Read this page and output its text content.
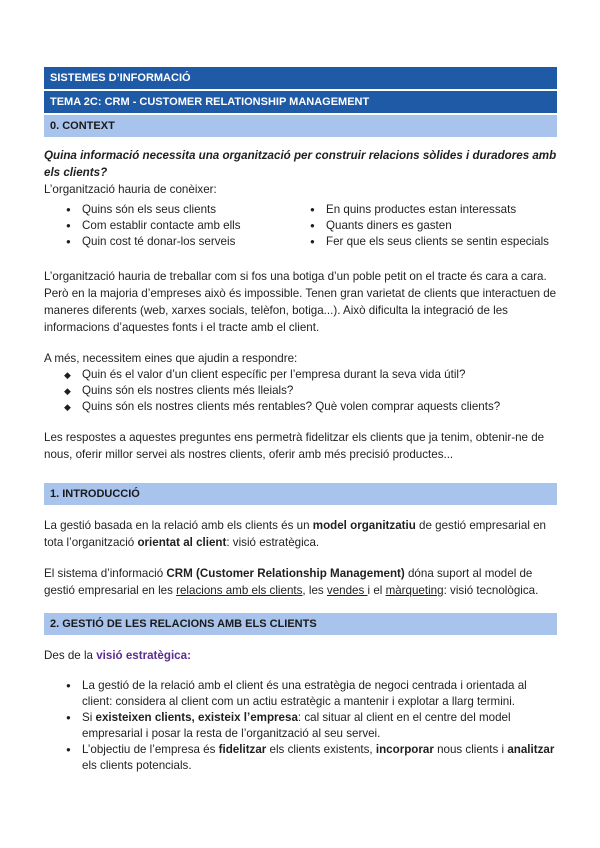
SISTEMES D’INFORMACIÓ
TEMA 2C: CRM - CUSTOMER RELATIONSHIP MANAGEMENT
0. CONTEXT

Quina informació necessita una organització per construir relacions sòlides i duradores amb els clients?

L’organització hauria de conèixer:

● Quins són els seus clients
● Com establir contacte amb ells
● Quin cost té donar-los serveis
● En quins productes estan interessats
● Quants diners es gasten
● Fer que els seus clients se sentin especials

L’organització hauria de treballar com si fos una botiga d’un poble petit on el tracte és cara a cara. Però en la majoria d’empreses això és impossible. Tenen gran varietat de clients que interactuen de maneres diferents (web, xarxes socials, telèfon, botiga...). Això dificulta la integració de les informacions d’aquestes fonts i el tracte amb el client.

A més, necessitem eines que ajudin a respondre:

◆ Quin és el valor d’un client específic per l’empresa durant la seva vida útil?
◆ Quins són els nostres clients més lleials?
◆ Quins són els nostres clients més rentables? Què volen comprar aquests clients?

Les respostes a aquestes preguntes ens permetrà fidelitzar els clients que ja tenim, obtenir-ne de nous, oferir millor servei als nostres clients, oferir amb més precisió productes...

1. INTRODUCCIÓ

La gestió basada en la relació amb els clients és un model organitzatiu de gestió empresarial en tota l’organització orientat al client: visió estratègica.

El sistema d’informació CRM (Customer Relationship Management) dóna suport al model de gestió empresarial en les relacions amb els clients, les vendes i el màrqueting: visió tecnològica.

2. GESTIÓ DE LES RELACIONS AMB ELS CLIENTS

Des de la visió estratègica:

● La gestió de la relació amb el client és una estratègia de negoci centrada i orientada al client: considera al client com un actiu estratègic a mantenir i explotar a llarg termini.
● Si existeixen clients, existeix l’empresa: cal situar al client en el centre del model empresarial i posar la resta de l’organització al seu servei.
● L’objectiu de l’empresa és fidelitzar els clients existents, incorporar nous clients i analitzar els clients potencials.
